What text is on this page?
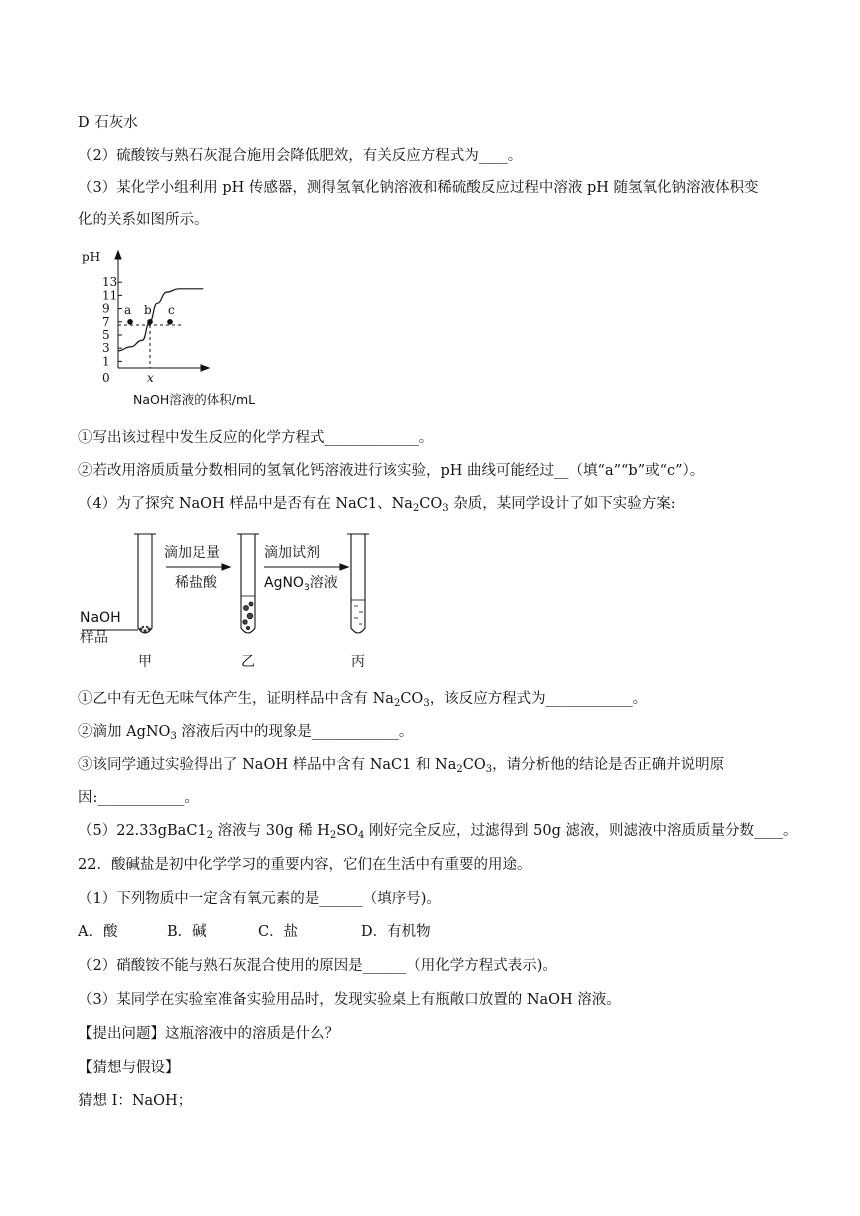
D 石灰水
（2）硫酸铵与熟石灰混合施用会降低肥效，有关反应方程式为____。
（3）某化学小组利用 pH 传感器，测得氢氧化钠溶液和稀硫酸反应过程中溶液 pH 随氢氧化钠溶液体积变
化的关系如图所示。
0
1
3
5
7
9
11
13
pH
x
NaOH溶液的体积/mL
a b c
①写出该过程中发生反应的化学方程式_____________。
②若改用溶质质量分数相同的氢氧化钙溶液进行该实验，pH 曲线可能经过__（填“a”“b”或“c”）。
（4）为了探究 NaOH 样品中是否有在 NaC1、$Na_2CO_3$ 杂质，某同学设计了如下实验方案:
滴加足量
稀盐酸
滴加试剂
AgNO$_3$溶液
NaOH
样品
甲	乙	丙
①乙中有无色无味气体产生，证明样品中含有 $Na_2CO_3$，该反应方程式为____________。
②滴加 AgNO$_3$ 溶液后丙中的现象是____________。
③该同学通过实验得出了 NaOH 样品中含有 NaC1 和 $Na_2CO_3$，请分析他的结论是否正确并说明原
因:____________。
$(5)22.33gBaC1_2$ 溶液与 30g 稀 $H_2SO_4$ 刚好完全反应，过滤得到 50g 滤液，则滤液中溶质质量分数____。
22．酸碱盐是初中化学学习的重要内容，它们在生活中有重要的用途。
（1）下列物质中一定含有氧元素的是______（填序号)。
A．酸	B．碱	C．盐	D．有机物
（2）硝酸铵不能与熟石灰混合使用的原因是______（用化学方程式表示)。
（3）某同学在实验室准备实验用品时，发现实验桌上有瓶敞口放置的 NaOH 溶液。
【提出问题】这瓶溶液中的溶质是什么？
【猜想与假设】
猜想 I：NaOH；
